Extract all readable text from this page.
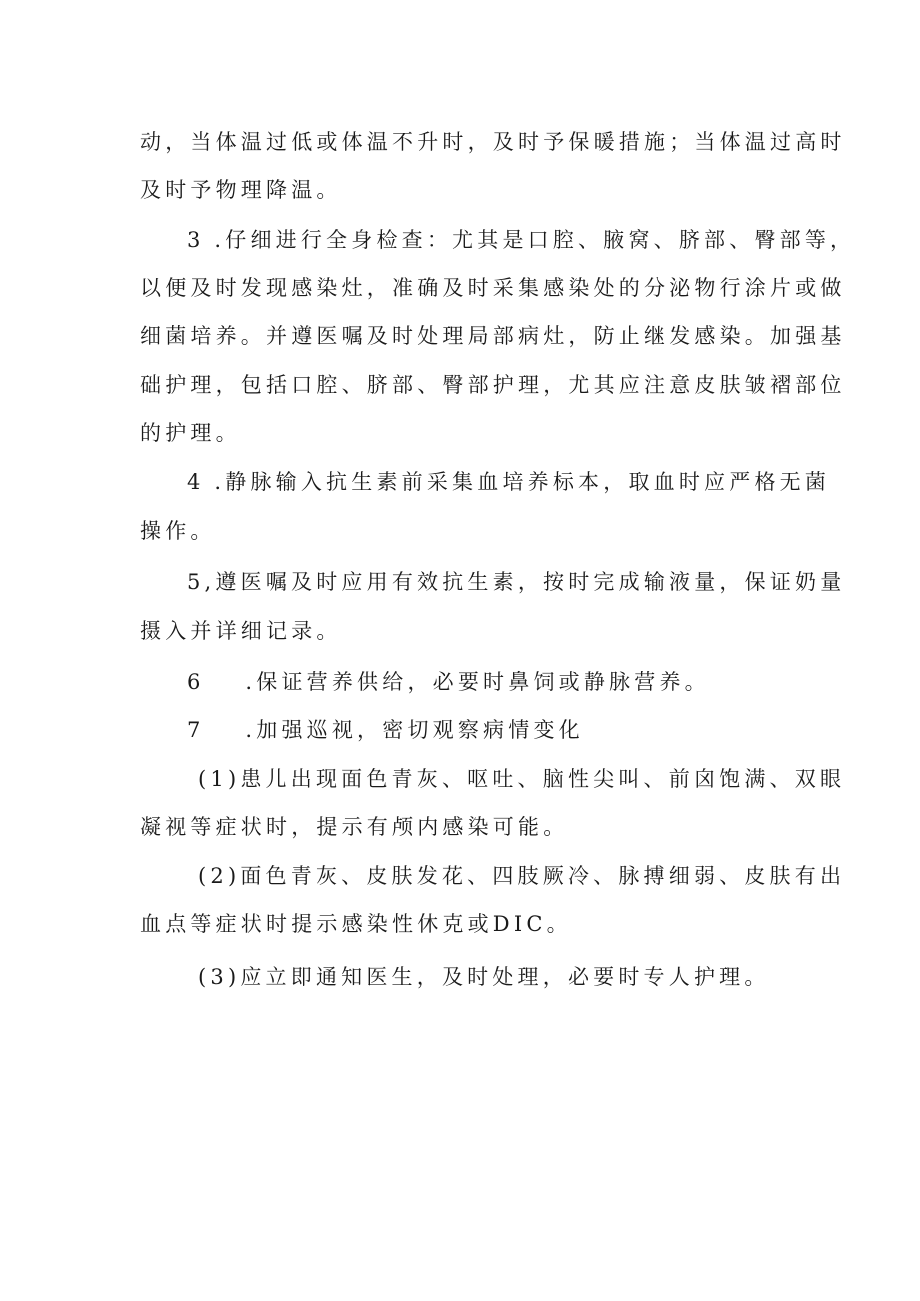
动，当体温过低或体温不升时，及时予保暖措施；当体温过高时
及时予物理降温。
3 .仔细进行全身检查：尤其是口腔、腋窝、脐部、臀部等，
以便及时发现感染灶，准确及时采集感染处的分泌物行涂片或做
细菌培养。并遵医嘱及时处理局部病灶，防止继发感染。加强基
础护理，包括口腔、脐部、臀部护理，尤其应注意皮肤皱褶部位
的护理。
4 .静脉输入抗生素前采集血培养标本，取血时应严格无菌
操作。
5,遵医嘱及时应用有效抗生素，按时完成输液量，保证奶量
摄入并详细记录。
6 .保证营养供给，必要时鼻饲或静脉营养。
7 .加强巡视，密切观察病情变化
(1)患儿出现面色青灰、呕吐、脑性尖叫、前囟饱满、双眼
凝视等症状时，提示有颅内感染可能。
(2)面色青灰、皮肤发花、四肢厥冷、脉搏细弱、皮肤有出
血点等症状时提示感染性休克或DIC。
(3)应立即通知医生，及时处理，必要时专人护理。
